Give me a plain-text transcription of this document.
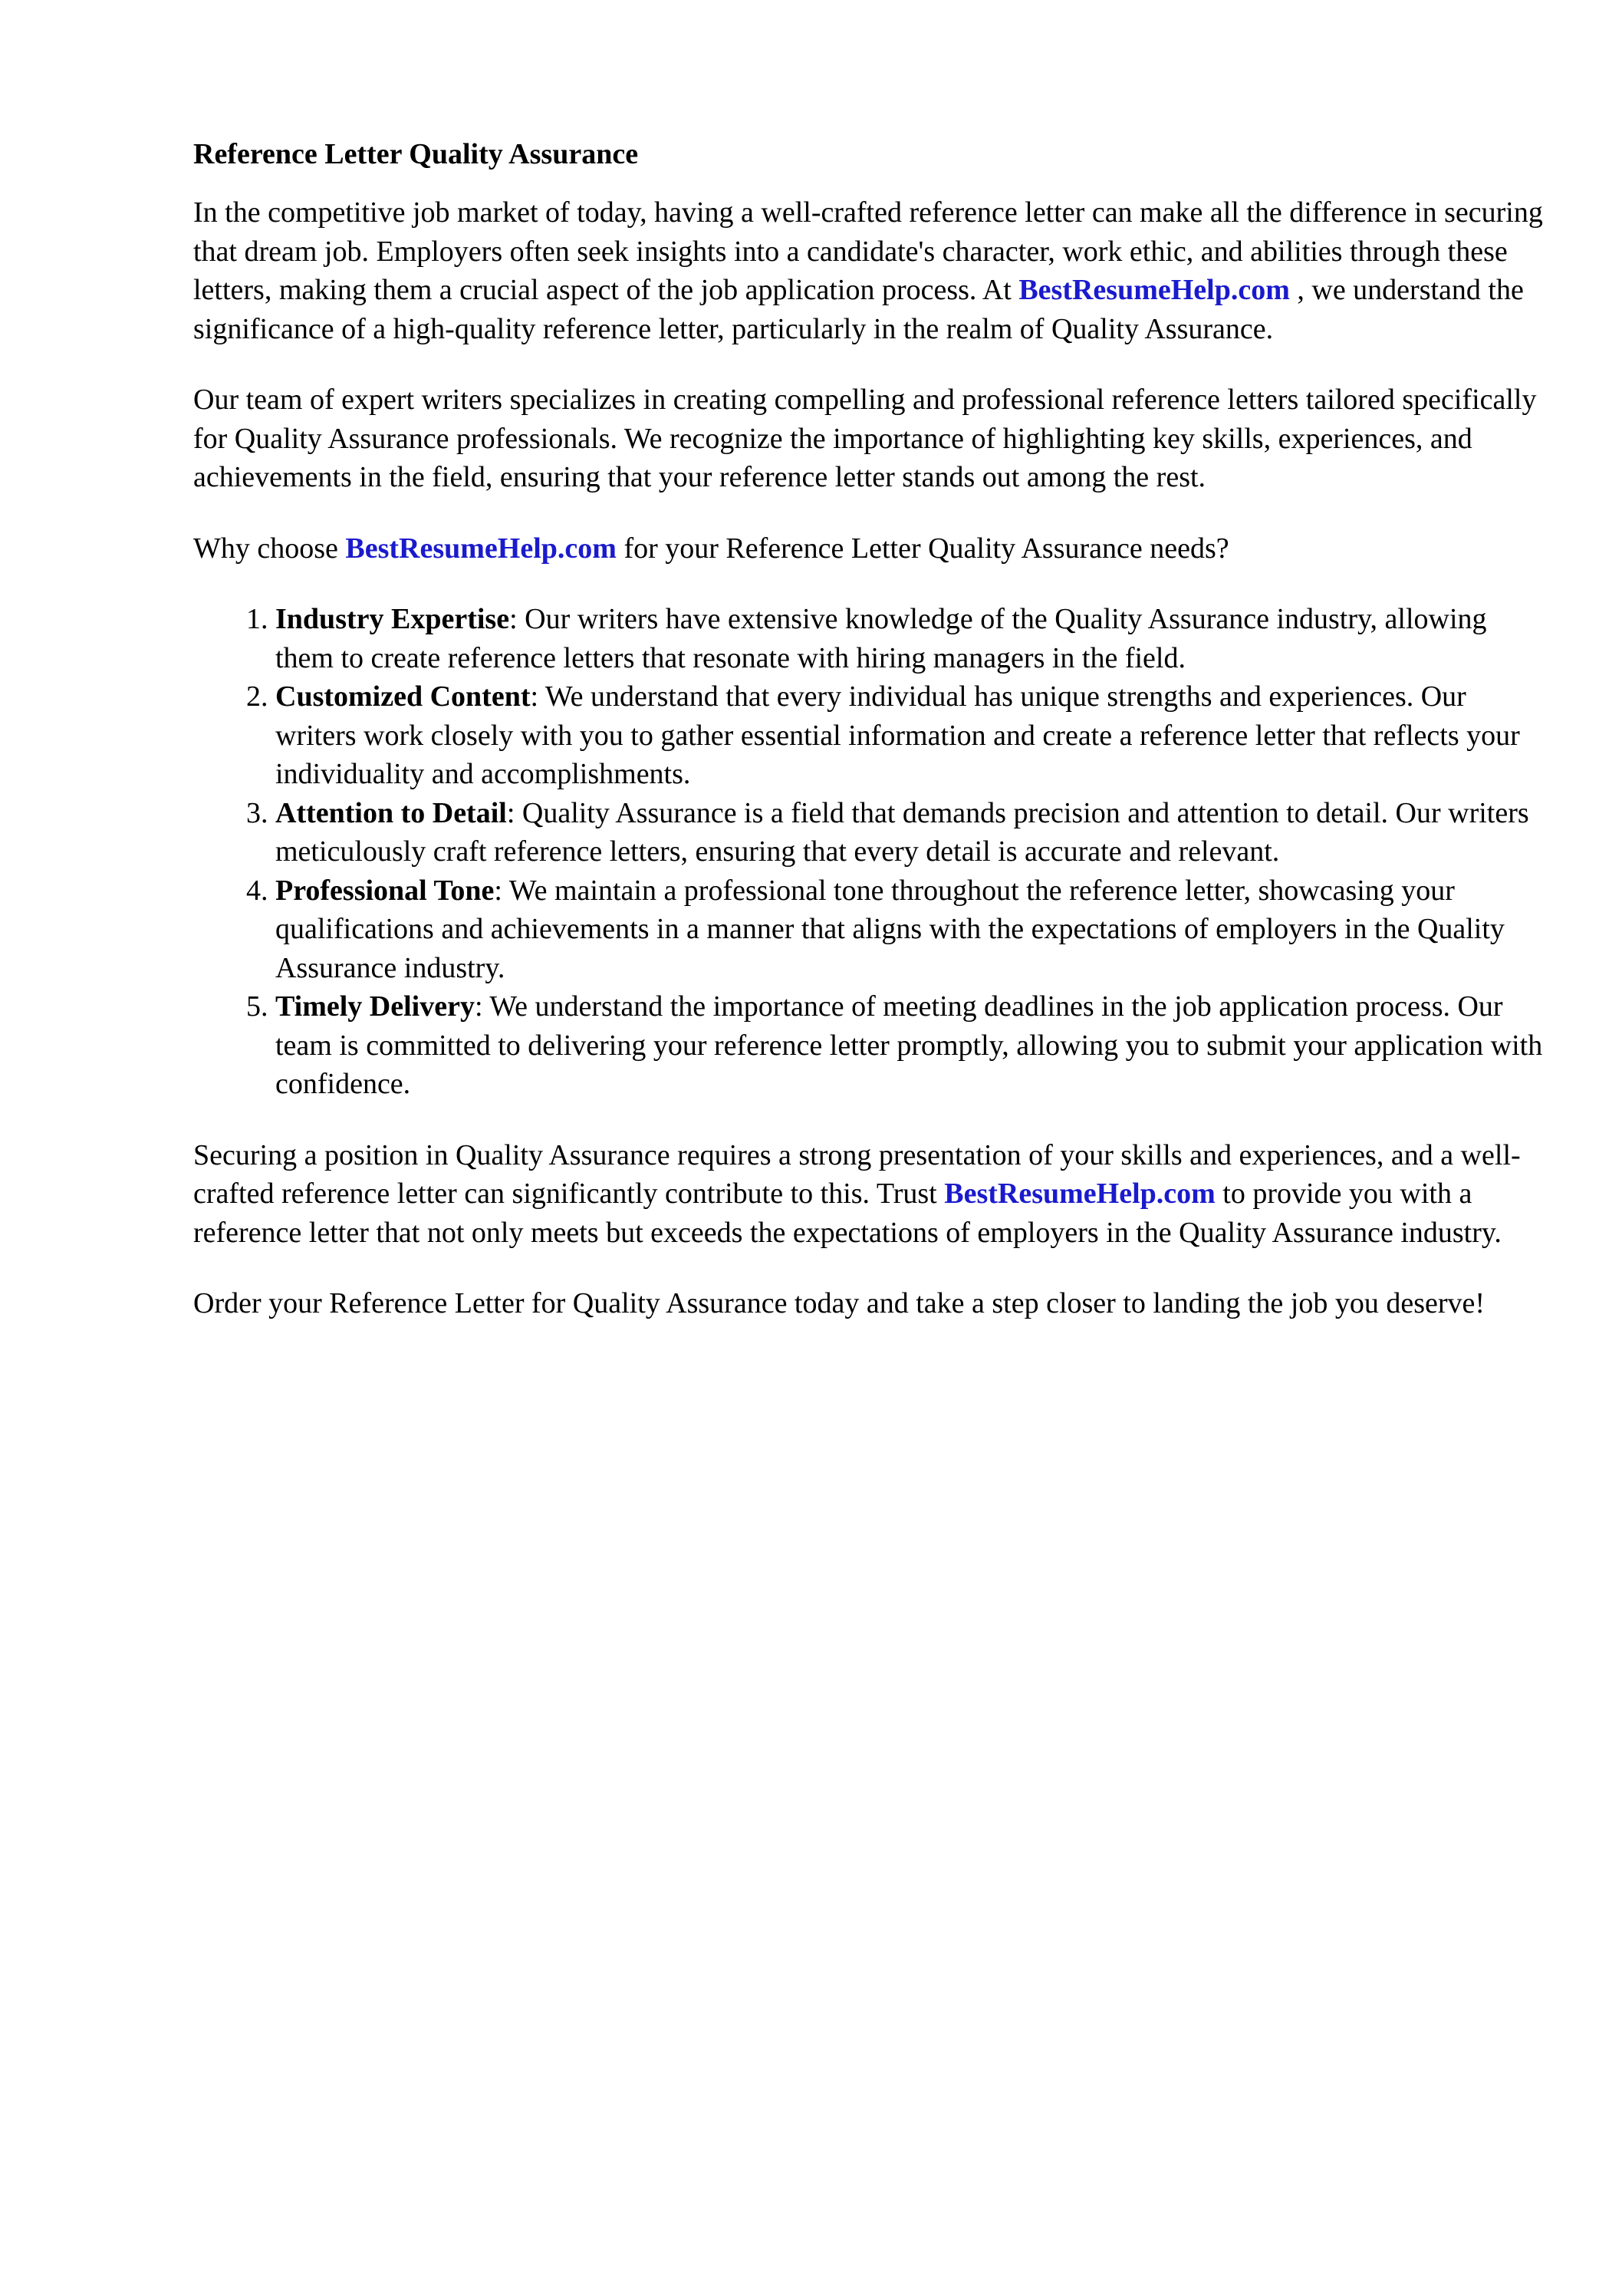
Reference Letter Quality Assurance

In the competitive job market of today, having a well-crafted reference letter can make all the difference in securing that dream job. Employers often seek insights into a candidate's character, work ethic, and abilities through these letters, making them a crucial aspect of the job application process. At BestResumeHelp.com , we understand the significance of a high-quality reference letter, particularly in the realm of Quality Assurance.

Our team of expert writers specializes in creating compelling and professional reference letters tailored specifically for Quality Assurance professionals. We recognize the importance of highlighting key skills, experiences, and achievements in the field, ensuring that your reference letter stands out among the rest.

Why choose BestResumeHelp.com for your Reference Letter Quality Assurance needs?

1. Industry Expertise: Our writers have extensive knowledge of the Quality Assurance industry, allowing them to create reference letters that resonate with hiring managers in the field.
2. Customized Content: We understand that every individual has unique strengths and experiences. Our writers work closely with you to gather essential information and create a reference letter that reflects your individuality and accomplishments.
3. Attention to Detail: Quality Assurance is a field that demands precision and attention to detail. Our writers meticulously craft reference letters, ensuring that every detail is accurate and relevant.
4. Professional Tone: We maintain a professional tone throughout the reference letter, showcasing your qualifications and achievements in a manner that aligns with the expectations of employers in the Quality Assurance industry.
5. Timely Delivery: We understand the importance of meeting deadlines in the job application process. Our team is committed to delivering your reference letter promptly, allowing you to submit your application with confidence.

Securing a position in Quality Assurance requires a strong presentation of your skills and experiences, and a well-crafted reference letter can significantly contribute to this. Trust BestResumeHelp.com to provide you with a reference letter that not only meets but exceeds the expectations of employers in the Quality Assurance industry.

Order your Reference Letter for Quality Assurance today and take a step closer to landing the job you deserve!
